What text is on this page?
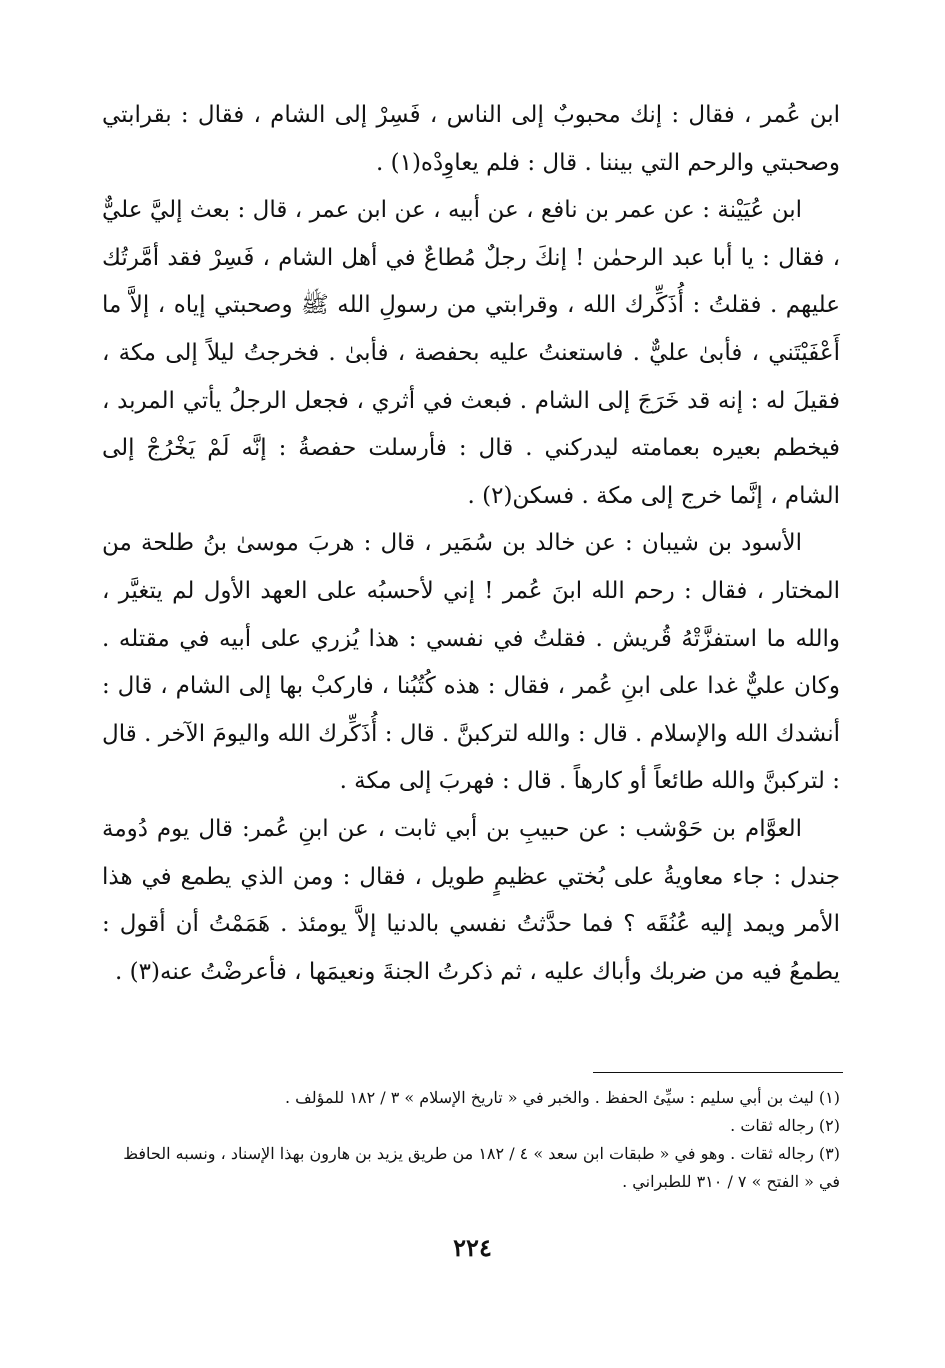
ابن عُمر ، فقال : إنك محبوبٌ إلى الناس ، فَسِرْ إلى الشام ، فقال : بقرابتي وصحبتي والرحم التي بيننا . قال : فلم يعاوِدْه(١) .

ابن عُيَيْنة : عن عمر بن نافع ، عن أبيه ، عن ابن عمر ، قال : بعث إليَّ عليٌّ ، فقال : يا أبا عبد الرحمٰن ! إنكَ رجلٌ مُطاعٌ في أهل الشام ، فَسِرْ فقد أمَّرتُك عليهم . فقلتُ : أُذَكِّرك الله ، وقرابتي من رسولِ الله ﷺ وصحبتي إياه ، إلاَّ ما أَعْفَيْتَني ، فأبىٰ عليٌّ . فاستعنتُ عليه بحفصة ، فأبىٰ . فخرجتُ ليلاً إلى مكة ، فقيلَ له : إنه قد خَرَجَ إلى الشام . فبعث في أثري ، فجعل الرجلُ يأتي المربد ، فيخطم بعيره بعمامته ليدركني . قال : فأرسلت حفصةُ : إنَّه لَمْ يَخْرُجْ إلى الشام ، إنَّما خرج إلى مكة . فسكن(٢) .

الأسود بن شيبان : عن خالد بن سُمَير ، قال : هربَ موسىٰ بنُ طلحة من المختار ، فقال : رحم الله ابنَ عُمر ! إني لأحسبُه على العهد الأول لم يتغيَّر ، والله ما استفزَّتْهُ قُريش . فقلتُ في نفسي : هذا يُزري على أبيه في مقتله . وكان عليٌّ غدا على ابنِ عُمر ، فقال : هذه كُتُبُنا ، فاركبْ بها إلى الشام ، قال : أنشدك الله والإسلام . قال : والله لتركبنَّ . قال : أُذَكِّرك الله واليومَ الآخر . قال : لتركبنَّ والله طائعاً أو كارهاً . قال : فهربَ إلى مكة .

العوَّام بن حَوْشب : عن حبيبِ بن أبي ثابت ، عن ابنِ عُمر: قال يوم دُومة جندل : جاء معاويةُ على بُختي عظيمٍ طويل ، فقال : ومن الذي يطمع في هذا الأمر ويمد إليه عُنُقَه ؟ فما حدَّثتُ نفسي بالدنيا إلاَّ يومئذ . هَمَمْتُ أن أقول : يطمعُ فيه من ضربك وأباك عليه ، ثم ذكرتُ الجنةَ ونعيمَها ، فأعرضْتُ عنه(٣) .

(١) ليث بن أبي سليم : سيِّئ الحفظ . والخبر في « تاريخ الإسلام » ٣ / ١٨٢ للمؤلف .

(٢) رجاله ثقات .

(٣) رجاله ثقات . وهو في « طبقات ابن سعد » ٤ / ١٨٢ من طريق يزيد بن هارون بهذا الإسناد ، ونسبه الحافظ في « الفتح » ٧ / ٣١٠ للطبراني .

٢٢٤
